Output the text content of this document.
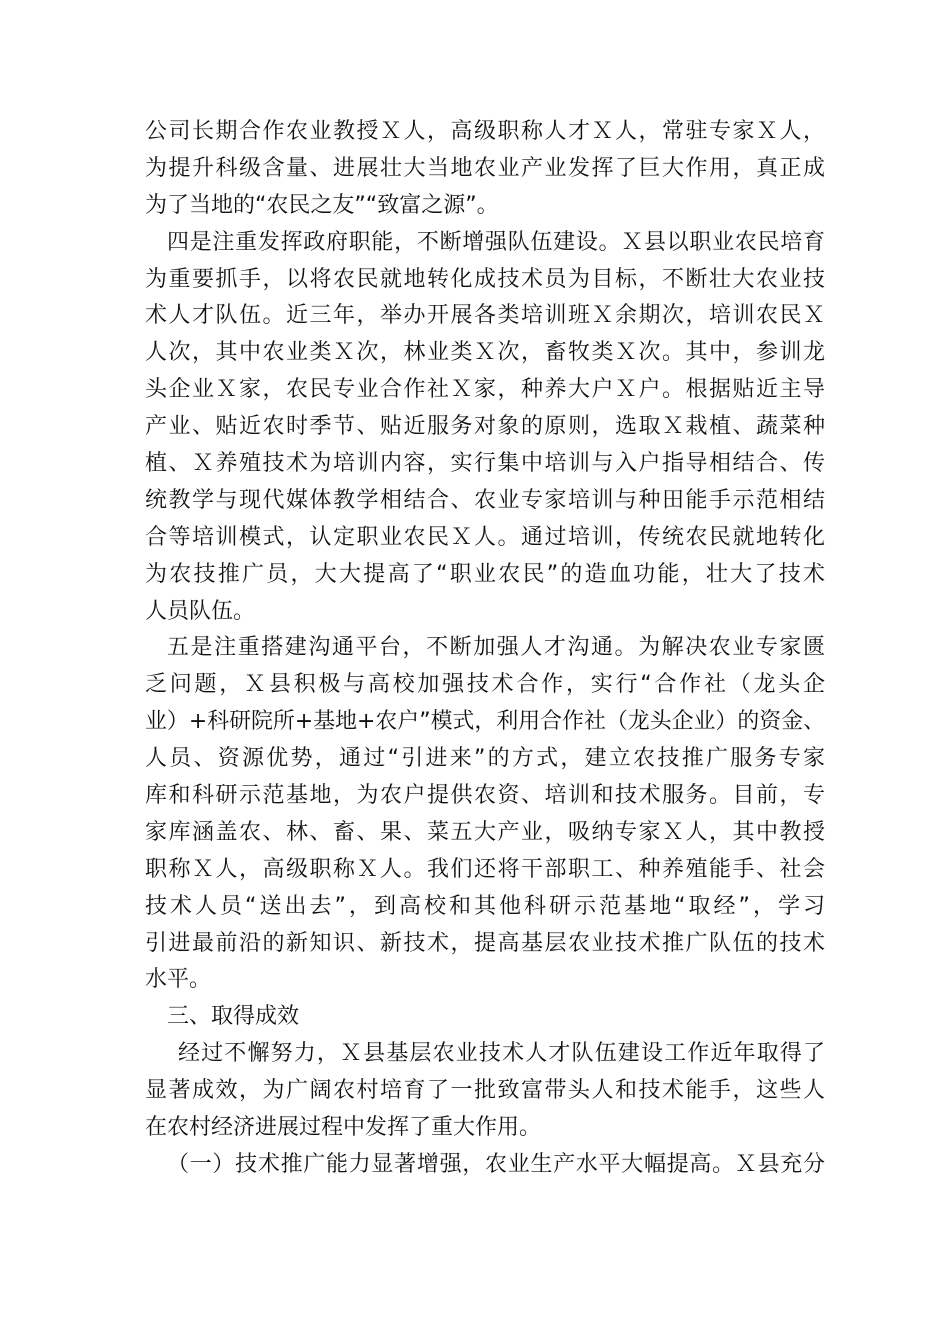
公司长期合作农业教授Ｘ人，高级职称人才Ｘ人，常驻专家Ｘ人，
为提升科级含量、进展壮大当地农业产业发挥了巨大作用，真正成
为了当地的“农民之友”“致富之源”。
四是注重发挥政府职能，不断增强队伍建设。Ｘ县以职业农民培育
为重要抓手，以将农民就地转化成技术员为目标，不断壮大农业技
术人才队伍。近三年，举办开展各类培训班Ｘ余期次，培训农民Ｘ
人次，其中农业类Ｘ次，林业类Ｘ次，畜牧类Ｘ次。其中，参训龙
头企业Ｘ家，农民专业合作社Ｘ家，种养大户Ｘ户。根据贴近主导
产业、贴近农时季节、贴近服务对象的原则，选取Ｘ栽植、蔬菜种
植、Ｘ养殖技术为培训内容，实行集中培训与入户指导相结合、传
统教学与现代媒体教学相结合、农业专家培训与种田能手示范相结
合等培训模式，认定职业农民Ｘ人。通过培训，传统农民就地转化
为农技推广员，大大提高了“职业农民”的造血功能，壮大了技术
人员队伍。
五是注重搭建沟通平台，不断加强人才沟通。为解决农业专家匮
乏问题，Ｘ县积极与高校加强技术合作，实行“合作社（龙头企
业）+科研院所+基地+农户”模式，利用合作社（龙头企业）的资金、
人员、资源优势，通过“引进来”的方式，建立农技推广服务专家
库和科研示范基地，为农户提供农资、培训和技术服务。目前，专
家库涵盖农、林、畜、果、菜五大产业，吸纳专家Ｘ人，其中教授
职称Ｘ人，高级职称Ｘ人。我们还将干部职工、种养殖能手、社会
技术人员“送出去”，到高校和其他科研示范基地“取经”，学习
引进最前沿的新知识、新技术，提高基层农业技术推广队伍的技术
水平。
三、取得成效
经过不懈努力，Ｘ县基层农业技术人才队伍建设工作近年取得了
显著成效，为广阔农村培育了一批致富带头人和技术能手，这些人
在农村经济进展过程中发挥了重大作用。
（一）技术推广能力显著增强，农业生产水平大幅提高。Ｘ县充分
